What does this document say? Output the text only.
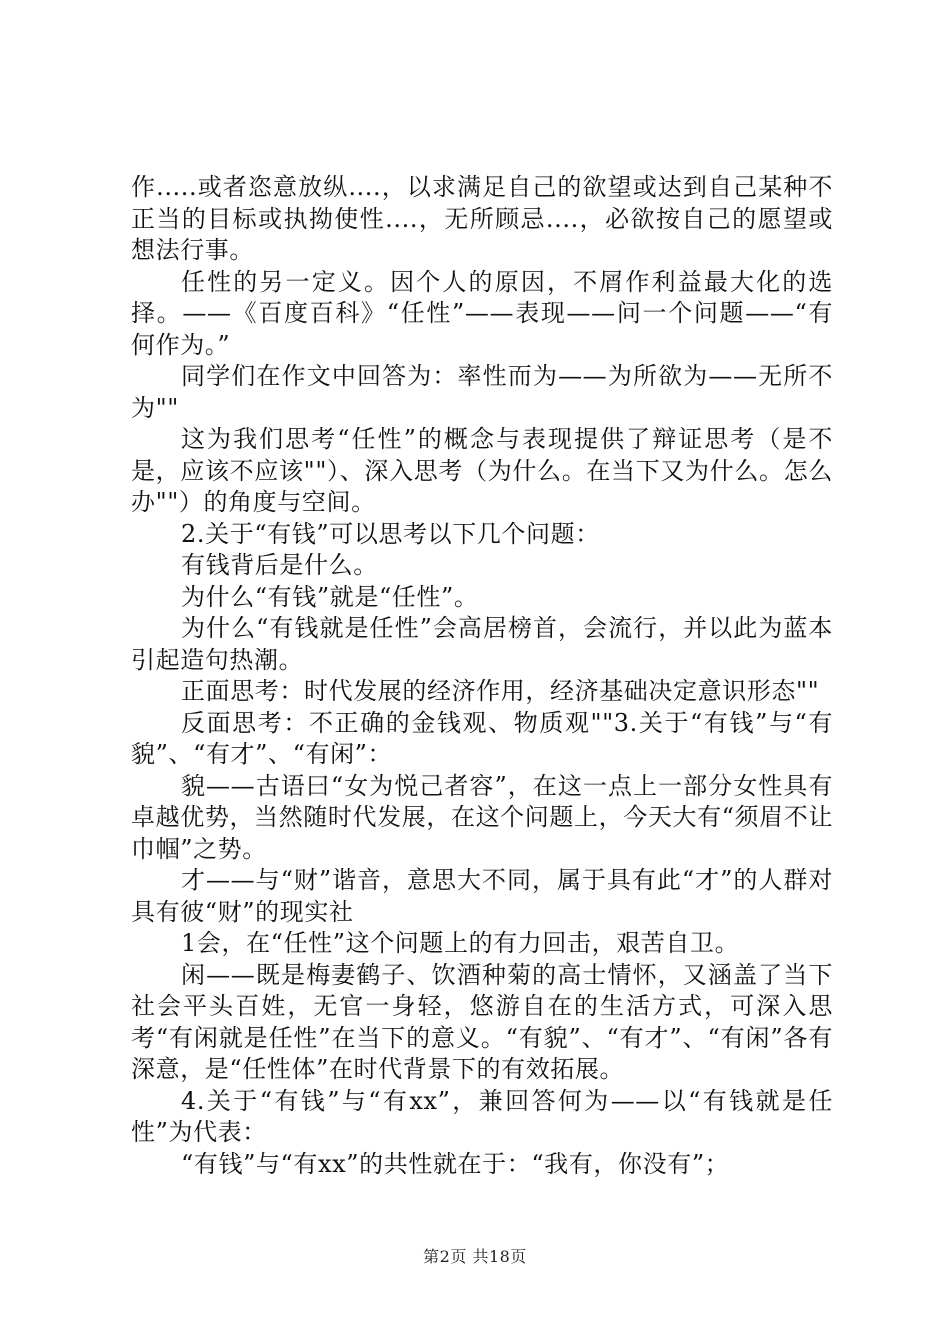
作.....或者恣意放纵....，以求满足自己的欲望或达到自己某种不正当的目标或执拗使性....，无所顾忌....，必欲按自己的愿望或想法行事。

任性的另一定义。因个人的原因，不屑作利益最大化的选择。——《百度百科》“任性”——表现——问一个问题——“有何作为。”

同学们在作文中回答为：率性而为——为所欲为——无所不为""

这为我们思考“任性”的概念与表现提供了辩证思考（是不是，应该不应该""）、深入思考（为什么。在当下又为什么。怎么办""）的角度与空间。

2.关于“有钱”可以思考以下几个问题：

有钱背后是什么。

为什么“有钱”就是“任性”。

为什么“有钱就是任性”会高居榜首，会流行，并以此为蓝本引起造句热潮。

正面思考：时代发展的经济作用，经济基础决定意识形态""

反面思考：不正确的金钱观、物质观""3.关于“有钱”与“有貌”、“有才”、“有闲”：

貌——古语曰“女为悦己者容”，在这一点上一部分女性具有卓越优势，当然随时代发展，在这个问题上，今天大有“须眉不让巾帼”之势。

才——与“财”谐音，意思大不同，属于具有此“才”的人群对具有彼“财”的现实社

1会，在“任性”这个问题上的有力回击，艰苦自卫。

闲——既是梅妻鹤子、饮酒种菊的高士情怀，又涵盖了当下社会平头百姓，无官一身轻，悠游自在的生活方式，可深入思考“有闲就是任性”在当下的意义。“有貌”、“有才”、“有闲”各有深意，是“任性体”在时代背景下的有效拓展。

4.关于“有钱”与“有xx”，兼回答何为——以“有钱就是任性”为代表：

“有钱”与“有xx”的共性就在于：“我有，你没有”；

第2页 共18页
